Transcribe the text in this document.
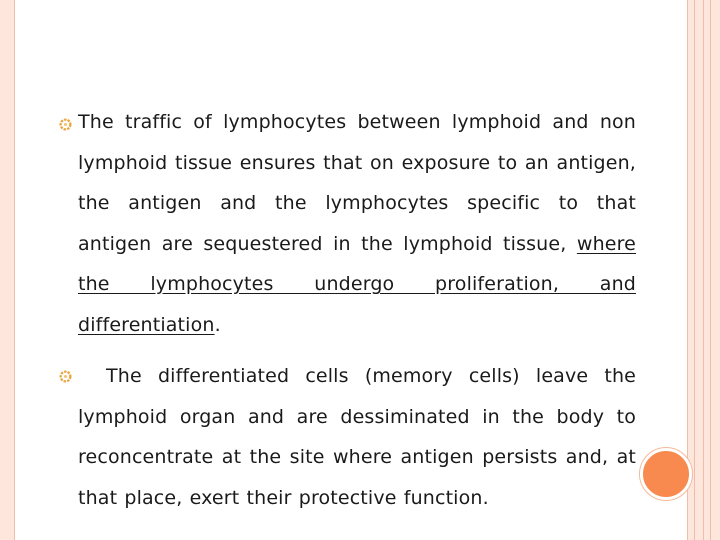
The traffic of lymphocytes between lymphoid and non lymphoid tissue ensures that on exposure to an antigen, the antigen and the lymphocytes specific to that antigen are sequestered in the lymphoid tissue, where the lymphocytes undergo proliferation, and differentiation.
The differentiated cells (memory cells) leave the lymphoid organ and are dessiminated in the body to reconcentrate at the site where antigen persists and, at that place, exert their protective function.
